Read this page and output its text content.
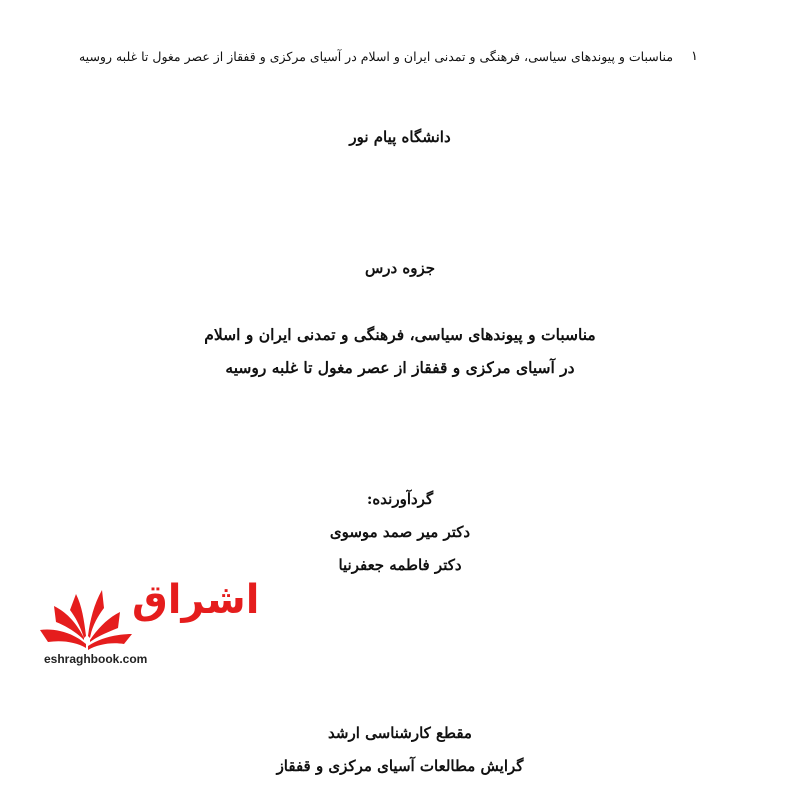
۱
مناسبات و پیوندهای سیاسی، فرهنگی و تمدنی ایران و اسلام در آسیای مرکزی و قفقاز از عصر مغول تا غلبه روسیه
دانشگاه پیام نور
جزوه درس
مناسبات و پیوندهای سیاسی، فرهنگی و تمدنی ایران و اسلام
در آسیای مرکزی و قفقاز از عصر مغول تا غلبه روسیه
گردآورنده:
دکتر میر صمد موسوی
دکتر فاطمه جعفرنیا
اشراق
eshraghbook.com
مقطع کارشناسی ارشد
گرایش مطالعات آسیای مرکزی و قفقاز
